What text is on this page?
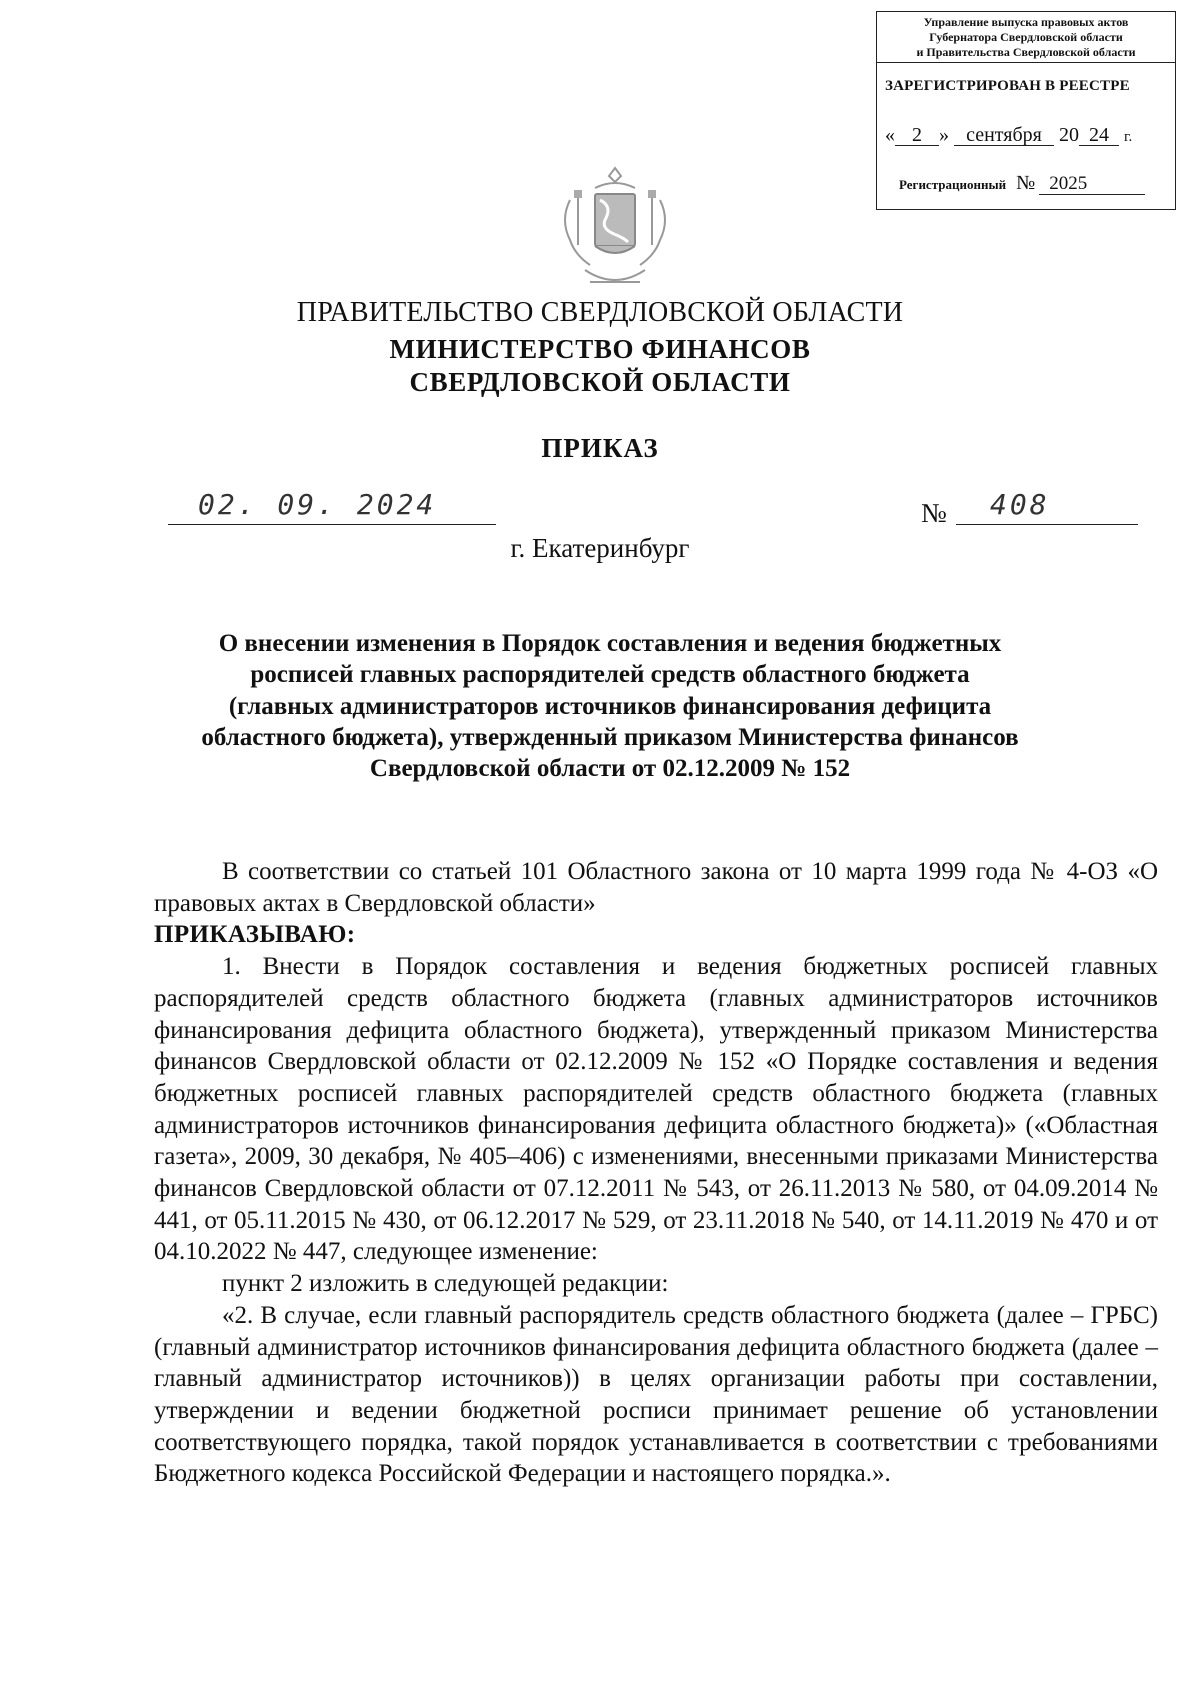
Управление выпуска правовых актов
Губернатора Свердловской области
и Правительства Свердловской области
ЗАРЕГИСТРИРОВАН В РЕЕСТРЕ
« 2 » сентября 20 24 г.
Регистрационный № 2025
ПРАВИТЕЛЬСТВО СВЕРДЛОВСКОЙ ОБЛАСТИ
МИНИСТЕРСТВО ФИНАНСОВ
СВЕРДЛОВСКОЙ ОБЛАСТИ
ПРИКАЗ
02. 09. 2024	№ 408
г. Екатеринбург
О внесении изменения в Порядок составления и ведения бюджетных
росписей главных распорядителей средств областного бюджета
(главных администраторов источников финансирования дефицита
областного бюджета), утвержденный приказом Министерства финансов
Свердловской области от 02.12.2009 № 152

В соответствии со статьей 101 Областного закона от 10 марта 1999 года № 4-ОЗ «О правовых актах в Свердловской области»

ПРИКАЗЫВАЮ:

1. Внести в Порядок составления и ведения бюджетных росписей главных распорядителей средств областного бюджета (главных администраторов источников финансирования дефицита областного бюджета), утвержденный приказом Министерства финансов Свердловской области от 02.12.2009 № 152 «О Порядке составления и ведения бюджетных росписей главных распорядителей средств областного бюджета (главных администраторов источников финансирования дефицита областного бюджета)» («Областная газета», 2009, 30 декабря, № 405–406) с изменениями, внесенными приказами Министерства финансов Свердловской области от 07.12.2011 № 543, от 26.11.2013 № 580, от 04.09.2014 № 441, от 05.11.2015 № 430, от 06.12.2017 № 529, от 23.11.2018 № 540, от 14.11.2019 № 470 и от 04.10.2022 № 447, следующее изменение:

пункт 2 изложить в следующей редакции:

«2. В случае, если главный распорядитель средств областного бюджета (далее – ГРБС) (главный администратор источников финансирования дефицита областного бюджета (далее – главный администратор источников)) в целях организации работы при составлении, утверждении и ведении бюджетной росписи принимает решение об установлении соответствующего порядка, такой порядок устанавливается в соответствии с требованиями Бюджетного кодекса Российской Федерации и настоящего порядка.».
